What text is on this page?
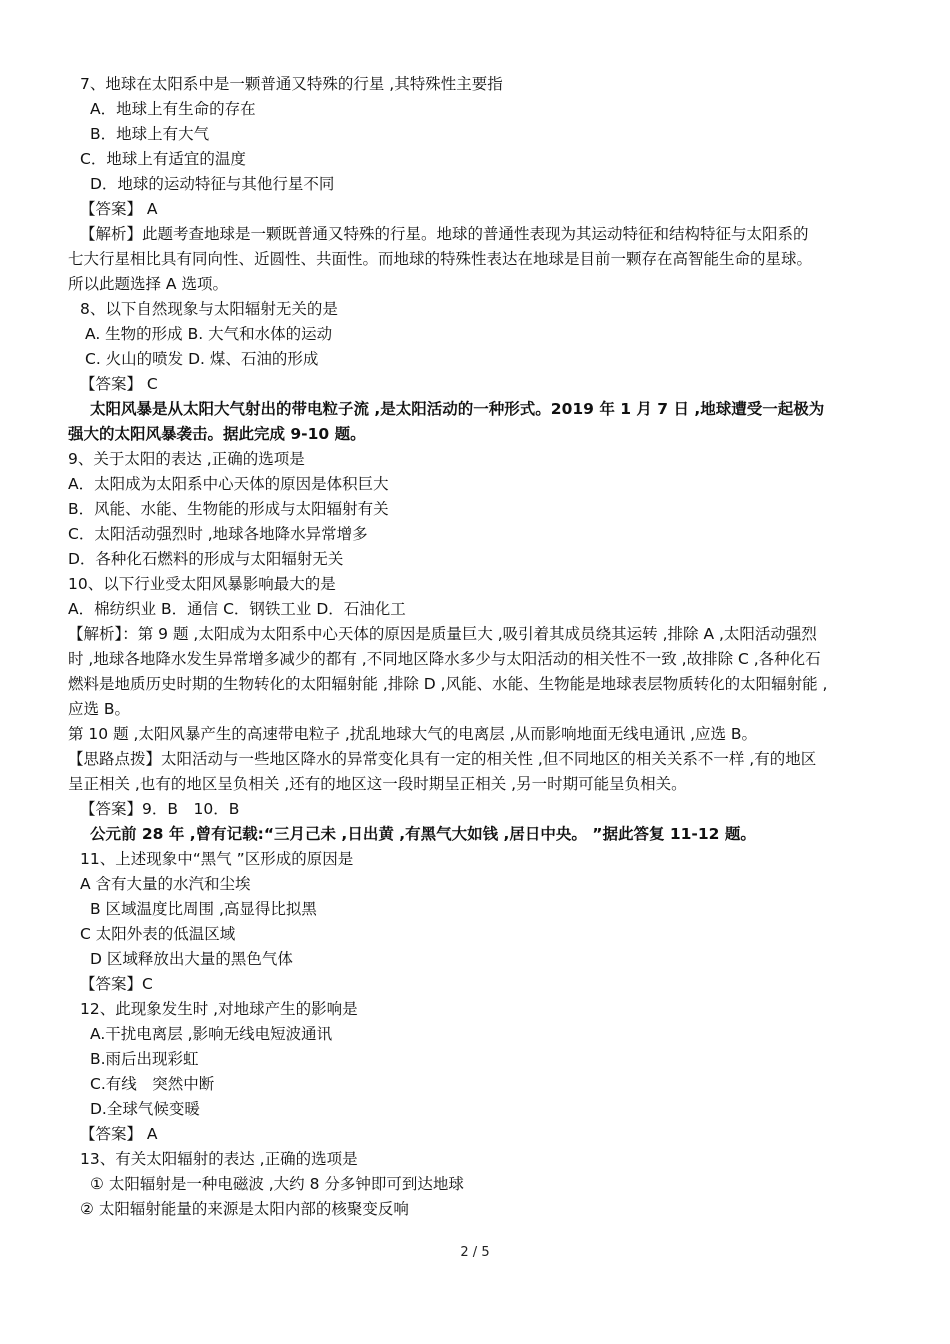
7、地球在太阳系中是一颗普通又特殊的行星 ,其特殊性主要指
A．地球上有生命的存在
B．地球上有大气
C．地球上有适宜的温度
D．地球的运动特征与其他行星不同
【答案】 A
【解析】此题考查地球是一颗既普通又特殊的行星。地球的普通性表现为其运动特征和结构特征与太阳系的
七大行星相比具有同向性、近圆性、共面性。而地球的特殊性表达在地球是目前一颗存在高智能生命的星球。
所以此题选择 A 选项。
8、以下自然现象与太阳辐射无关的是
A. 生物的形成 B. 大气和水体的运动
C. 火山的喷发 D. 煤、石油的形成
【答案】 C
太阳风暴是从太阳大气射出的带电粒子流 ,是太阳活动的一种形式。2019 年 1 月 7 日 ,地球遭受一起极为
强大的太阳风暴袭击。据此完成 9-10 题。
9、关于太阳的表达 ,正确的选项是
A．太阳成为太阳系中心天体的原因是体积巨大
B．风能、水能、生物能的形成与太阳辐射有关
C．太阳活动强烈时 ,地球各地降水异常增多
D．各种化石燃料的形成与太阳辐射无关
10、以下行业受太阳风暴影响最大的是
A．棉纺织业 B．通信 C．钢铁工业 D．石油化工
【解析】：第 9 题 ,太阳成为太阳系中心天体的原因是质量巨大 ,吸引着其成员绕其运转 ,排除 A ,太阳活动强烈
时 ,地球各地降水发生异常增多减少的都有 ,不同地区降水多少与太阳活动的相关性不一致 ,故排除 C ,各种化石
燃料是地质历史时期的生物转化的太阳辐射能 ,排除 D ,风能、水能、生物能是地球表层物质转化的太阳辐射能 ,
应选 B。
第 10 题 ,太阳风暴产生的高速带电粒子 ,扰乱地球大气的电离层 ,从而影响地面无线电通讯 ,应选 B。
【思路点拨】太阳活动与一些地区降水的异常变化具有一定的相关性 ,但不同地区的相关关系不一样 ,有的地区
呈正相关 ,也有的地区呈负相关 ,还有的地区这一段时期呈正相关 ,另一时期可能呈负相关。
【答案】9．B　10．B
公元前 28 年 ,曾有记载:“三月己未 ,日出黄 ,有黑气大如钱 ,居日中央。 ”据此答复 11-12 题。
11、上述现象中“黑气 ”区形成的原因是
A 含有大量的水汽和尘埃
B 区域温度比周围 ,高显得比拟黑
C 太阳外表的低温区域
D 区域释放出大量的黑色气体
【答案】C
12、此现象发生时 ,对地球产生的影响是
A.干扰电离层 ,影响无线电短波通讯
B.雨后出现彩虹
C.有线　突然中断
D.全球气候变暖
【答案】 A
13、有关太阳辐射的表达 ,正确的选项是
① 太阳辐射是一种电磁波 ,大约 8 分多钟即可到达地球
② 太阳辐射能量的来源是太阳内部的核聚变反响
2 / 5
